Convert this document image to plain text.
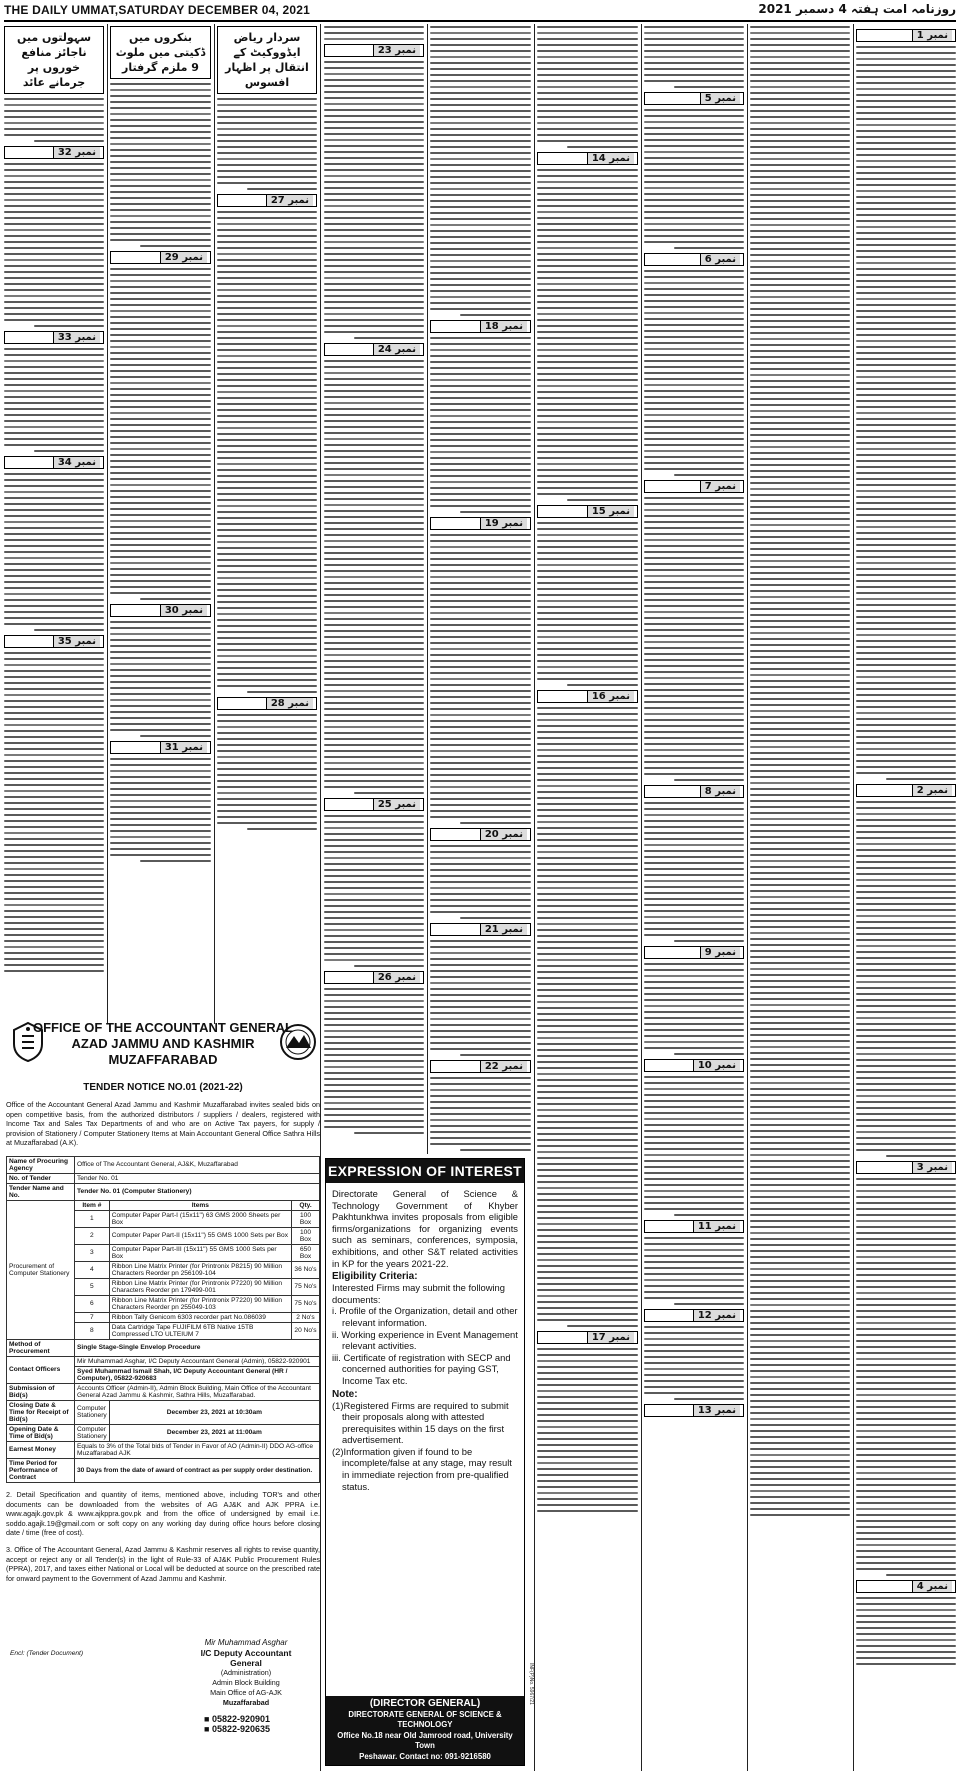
THE DAILY UMMAT,SATURDAY DECEMBER 04, 2021	روزنامہ امت ہفتہ 4 دسمبر 2021
سہولتوں میں ناجائز منافع خوروں پر جرمانے عائد
نمبر 32
نمبر 33
نمبر 34
نمبر 35
بنکروں میں ڈکیتی میں ملوث 9 ملزم گرفتار
نمبر 29
نمبر 30
نمبر 31
سردار ریاض ایڈووکیٹ کے انتقال پر اظہار افسوس
نمبر 27
نمبر 28
نمبر 23
نمبر 24
نمبر 25
نمبر 26
نمبر 18
نمبر 19
نمبر 20
نمبر 21
نمبر 22
نمبر 14
نمبر 15
نمبر 16
نمبر 17
نمبر 5
نمبر 6
نمبر 7
نمبر 8
نمبر 9
نمبر 10
نمبر 11
نمبر 12
نمبر 13
نمبر 1
نمبر 2
نمبر 3
نمبر 4
OFFICE OF THE ACCOUNTANT GENERAL
AZAD JAMMU AND KASHMIR
MUZAFFARABAD
TENDER NOTICE NO.01 (2021-22)
Office of the Accountant General Azad Jammu and Kashmir Muzaffarabad invites sealed bids on open competitive basis, from the authorized distributors / suppliers / dealers, registered with Income Tax and Sales Tax Departments of and who are on Active Tax payers, for supply / provision of Stationery / Computer Stationery Items at Main Accountant General Office Sathra Hills at Muzaffarabad (A.K).
Name of Procuring Agency	Office of The Accountant General, AJ&K, Muzaffarabad		
No. of Tender	Tender No. 01		
Tender Name and No.	Tender No. 01 (Computer Stationery)		
Procurement of Computer Stationery	Item #	Items	Qty.
	1	Computer Paper Part-I (15x11") 63 GMS 2000 Sheets per Box	100 Box
	2	Computer Paper Part-II (15x11") 55 GMS 1000 Sets per Box	100 Box
	3	Computer Paper Part-III (15x11") 55 GMS 1000 Sets per Box	650 Box
	4	Ribbon Line Matrix Printer (for Printronix P8215) 90 Million Characters Reorder pn 256109-104	36 No's
	5	Ribbon Line Matrix Printer (for Printronix P7220) 90 Million Characters Reorder pn 179499-001	75 No's
	6	Ribbon Line Matrix Printer (for Printronix P7220) 90 Million Characters Reorder pn 255049-103	75 No's
	7	Ribbon Tally Genicom 6303 recorder part No.086039	2 No's
	8	Data Cartridge Tape FUJIFILM 6TB Native 15TB Compressed LTO ULTEIUM 7	20 No's
Method of Procurement	Single Stage-Single Envelop Procedure		
Contact Officers	Mir Muhammad Asghar, I/C Deputy Accountant General (Admin), 05822-920901		
	Syed Muhammad Ismail Shah, I/C Deputy Accountant General (HR / Computer), 05822-920683		
Submission of Bid(s)	Accounts Officer (Admin-II), Admin Block Building, Main Office of the Accountant General Azad Jammu & Kashmir, Sathra Hills, Muzaffarabad.		
Closing Date & Time for Receipt of Bid(s)	Computer Stationery	December 23, 2021 at 10:30am	
Opening Date & Time of Bid(s)	Computer Stationery	December 23, 2021 at 11:00am	
Earnest Money	Equals to 3% of the Total bids of Tender in Favor of AO (Admin-II) DDO AG-office Muzaffarabad AJK		
Time Period for Performance of Contract	30 Days from the date of award of contract as per supply order destination.		
2. Detail Specification and quantity of items, mentioned above, including TOR's and other documents can be downloaded from the websites of AG AJ&K and AJK PPRA i.e. www.agajk.gov.pk & www.ajkppra.gov.pk and from the office of undersigned by email i.e. soddo.agajk.19@gmail.com or soft copy on any working day during office hours before closing date / time (free of cost).
3. Office of The Accountant General, Azad Jammu & Kashmir reserves all rights to revise quantity, accept or reject any or all Tender(s) in the light of Rule-33 of AJ&K Public Procurement Rules (PPRA), 2017, and taxes either National or Local will be deducted at source on the prescribed rate for onward payment to the Government of Azad Jammu and Kashmir.
Mir Muhammad Asghar
I/C Deputy Accountant General
(Administration)
Admin Block Building
Main Office of AG-AJK
Muzaffarabad
■ 05822-920901
■ 05822-920635
Encl: (Tender Document)
EXPRESSION OF INTEREST
Directorate General of Science & Technology Government of Khyber Pakhtunkhwa invites proposals from eligible firms/organizations for organizing events such as seminars, conferences, symposia, exhibitions, and other S&T related activities in KP for the years 2021-22.
Eligibility Criteria:
Interested Firms may submit the following documents:
i. Profile of the Organization, detail and other relevant information.
ii. Working experience in Event Management relevant activities.
iii. Certificate of registration with SECP and concerned authorities for paying GST, Income Tax etc.
Note:
(1)Registered Firms are required to submit their proposals along with attested prerequisites within 15 days on the first advertisement.
(2)Information given if found to be incomplete/false at any stage, may result in immediate rejection from pre-qualified status.
(DIRECTOR GENERAL)
DIRECTORATE GENERAL OF SCIENCE & TECHNOLOGY
Office No.18 near Old Jamrood road, University Town
Peshawar. Contact no: 091-9216580
INF(P)No. 5967/21
